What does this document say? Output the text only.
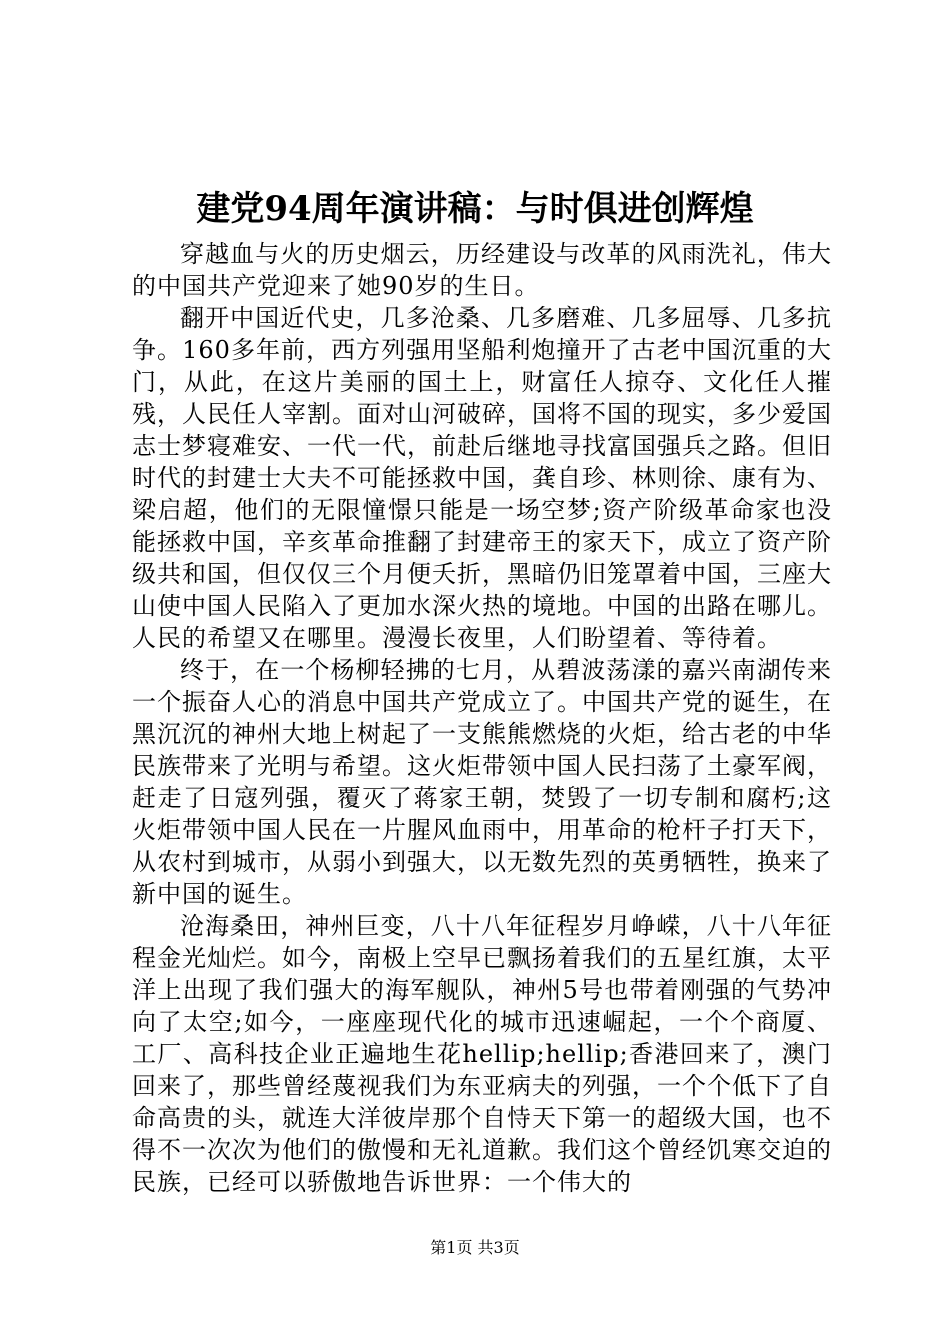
建党94周年演讲稿：与时俱进创辉煌

穿越血与火的历史烟云，历经建设与改革的风雨洗礼，伟大的中国共产党迎来了她90岁的生日。

翻开中国近代史，几多沧桑、几多磨难、几多屈辱、几多抗争。160多年前，西方列强用坚船利炮撞开了古老中国沉重的大门，从此，在这片美丽的国土上，财富任人掠夺、文化任人摧残，人民任人宰割。面对山河破碎，国将不国的现实，多少爱国志士梦寝难安、一代一代，前赴后继地寻找富国强兵之路。但旧时代的封建士大夫不可能拯救中国，龚自珍、林则徐、康有为、梁启超，他们的无限憧憬只能是一场空梦;资产阶级革命家也没能拯救中国，辛亥革命推翻了封建帝王的家天下，成立了资产阶级共和国，但仅仅三个月便夭折，黑暗仍旧笼罩着中国，三座大山使中国人民陷入了更加水深火热的境地。中国的出路在哪儿。人民的希望又在哪里。漫漫长夜里，人们盼望着、等待着。

终于，在一个杨柳轻拂的七月，从碧波荡漾的嘉兴南湖传来一个振奋人心的消息中国共产党成立了。中国共产党的诞生，在黑沉沉的神州大地上树起了一支熊熊燃烧的火炬，给古老的中华民族带来了光明与希望。这火炬带领中国人民扫荡了土豪军阀，赶走了日寇列强，覆灭了蒋家王朝，焚毁了一切专制和腐朽;这火炬带领中国人民在一片腥风血雨中，用革命的枪杆子打天下，从农村到城市，从弱小到强大，以无数先烈的英勇牺牲，换来了新中国的诞生。

沧海桑田，神州巨变，八十八年征程岁月峥嵘，八十八年征程金光灿烂。如今，南极上空早已飘扬着我们的五星红旗，太平洋上出现了我们强大的海军舰队，神州5号也带着刚强的气势冲向了太空;如今，一座座现代化的城市迅速崛起，一个个商厦、工厂、高科技企业正遍地生花hellip;hellip;香港回来了，澳门回来了，那些曾经蔑视我们为东亚病夫的列强，一个个低下了自命高贵的头，就连大洋彼岸那个自恃天下第一的超级大国，也不得不一次次为他们的傲慢和无礼道歉。我们这个曾经饥寒交迫的民族，已经可以骄傲地告诉世界：一个伟大的

第1页 共3页
